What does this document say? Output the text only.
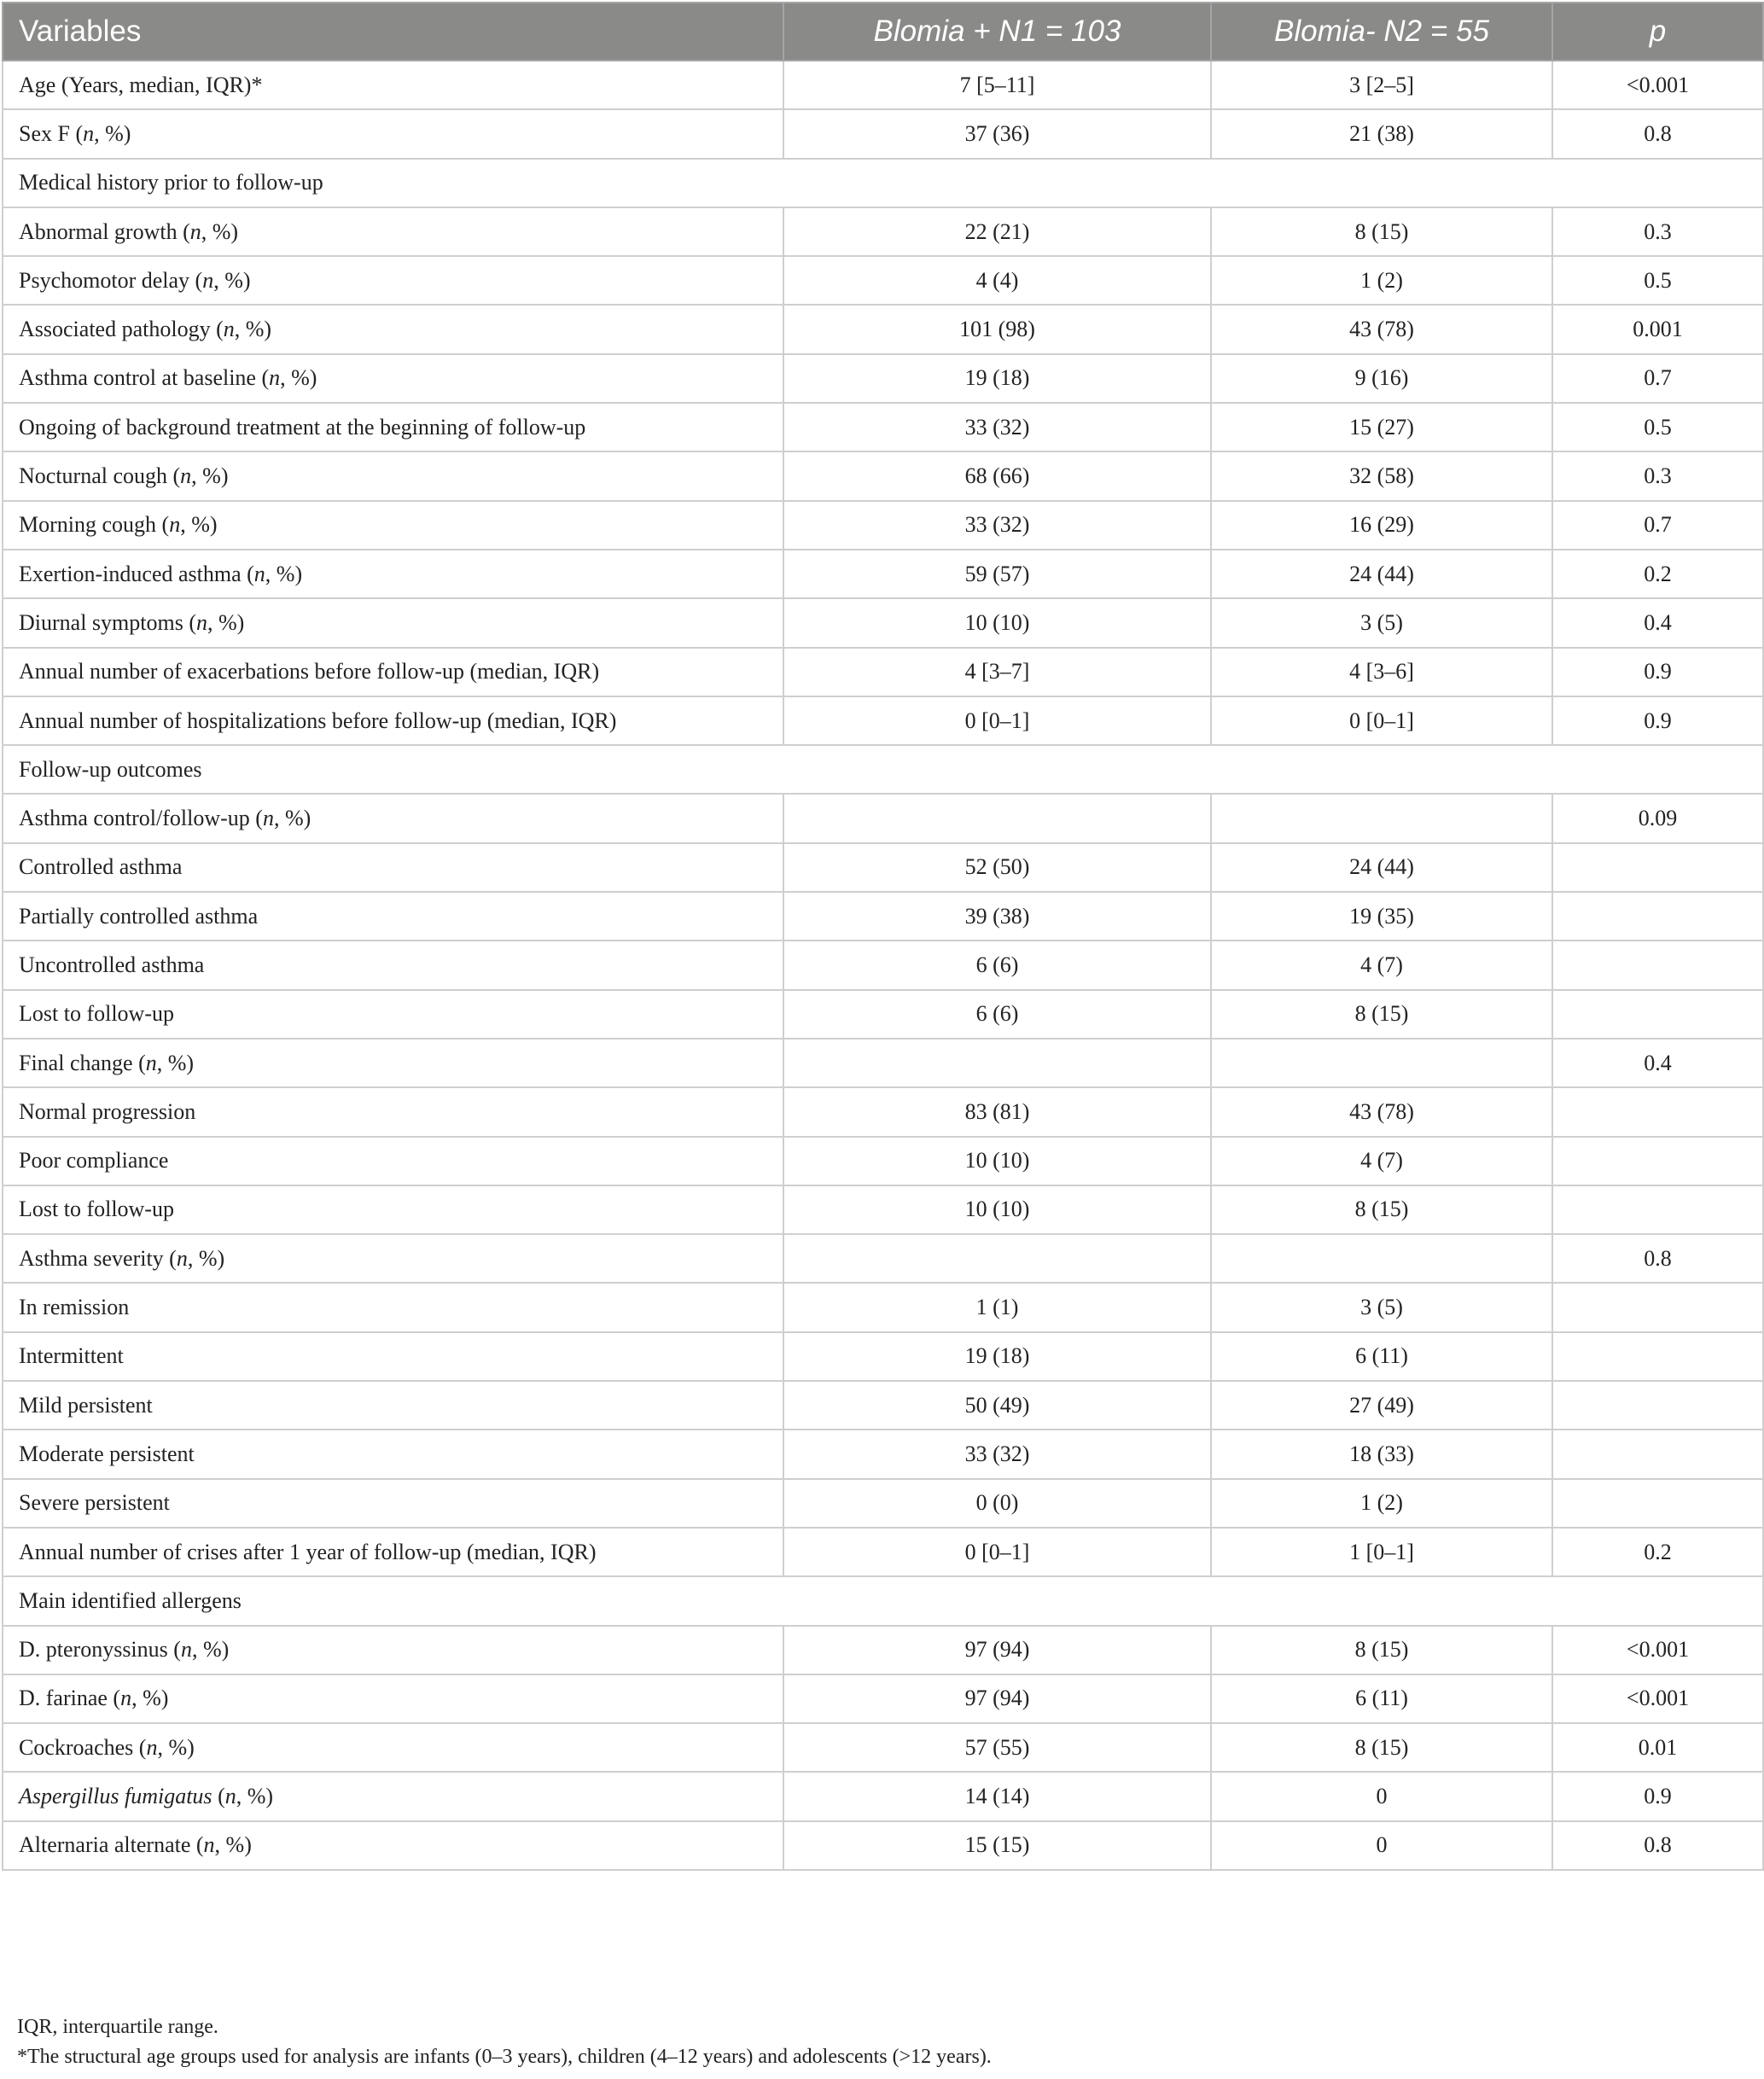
Variables	Blomia + N1 = 103	Blomia- N2 = 55	p
Age (Years, median, IQR)*	7 [5–11]	3 [2–5]	<0.001
Sex F (n, %)	37 (36)	21 (38)	0.8
Medical history prior to follow-up			
Abnormal growth (n, %)	22 (21)	8 (15)	0.3
Psychomotor delay (n, %)	4 (4)	1 (2)	0.5
Associated pathology (n, %)	101 (98)	43 (78)	0.001
Asthma control at baseline (n, %)	19 (18)	9 (16)	0.7
Ongoing of background treatment at the beginning of follow-up	33 (32)	15 (27)	0.5
Nocturnal cough (n, %)	68 (66)	32 (58)	0.3
Morning cough (n, %)	33 (32)	16 (29)	0.7
Exertion-induced asthma (n, %)	59 (57)	24 (44)	0.2
Diurnal symptoms (n, %)	10 (10)	3 (5)	0.4
Annual number of exacerbations before follow-up (median, IQR)	4 [3–7]	4 [3–6]	0.9
Annual number of hospitalizations before follow-up (median, IQR)	0 [0–1]	0 [0–1]	0.9
Follow-up outcomes			
Asthma control/follow-up (n, %)			0.09
Controlled asthma	52 (50)	24 (44)	
Partially controlled asthma	39 (38)	19 (35)	
Uncontrolled asthma	6 (6)	4 (7)	
Lost to follow-up	6 (6)	8 (15)	
Final change (n, %)			0.4
Normal progression	83 (81)	43 (78)	
Poor compliance	10 (10)	4 (7)	
Lost to follow-up	10 (10)	8 (15)	
Asthma severity (n, %)			0.8
In remission	1 (1)	3 (5)	
Intermittent	19 (18)	6 (11)	
Mild persistent	50 (49)	27 (49)	
Moderate persistent	33 (32)	18 (33)	
Severe persistent	0 (0)	1 (2)	
Annual number of crises after 1 year of follow-up (median, IQR)	0 [0–1]	1 [0–1]	0.2
Main identified allergens			
D. pteronyssinus (n, %)	97 (94)	8 (15)	<0.001
D. farinae (n, %)	97 (94)	6 (11)	<0.001
Cockroaches (n, %)	57 (55)	8 (15)	0.01
Aspergillus fumigatus (n, %)	14 (14)	0	0.9
Alternaria alternate (n, %)	15 (15)	0	0.8

IQR, interquartile range.

*The structural age groups used for analysis are infants (0–3 years), children (4–12 years) and adolescents (>12 years).
